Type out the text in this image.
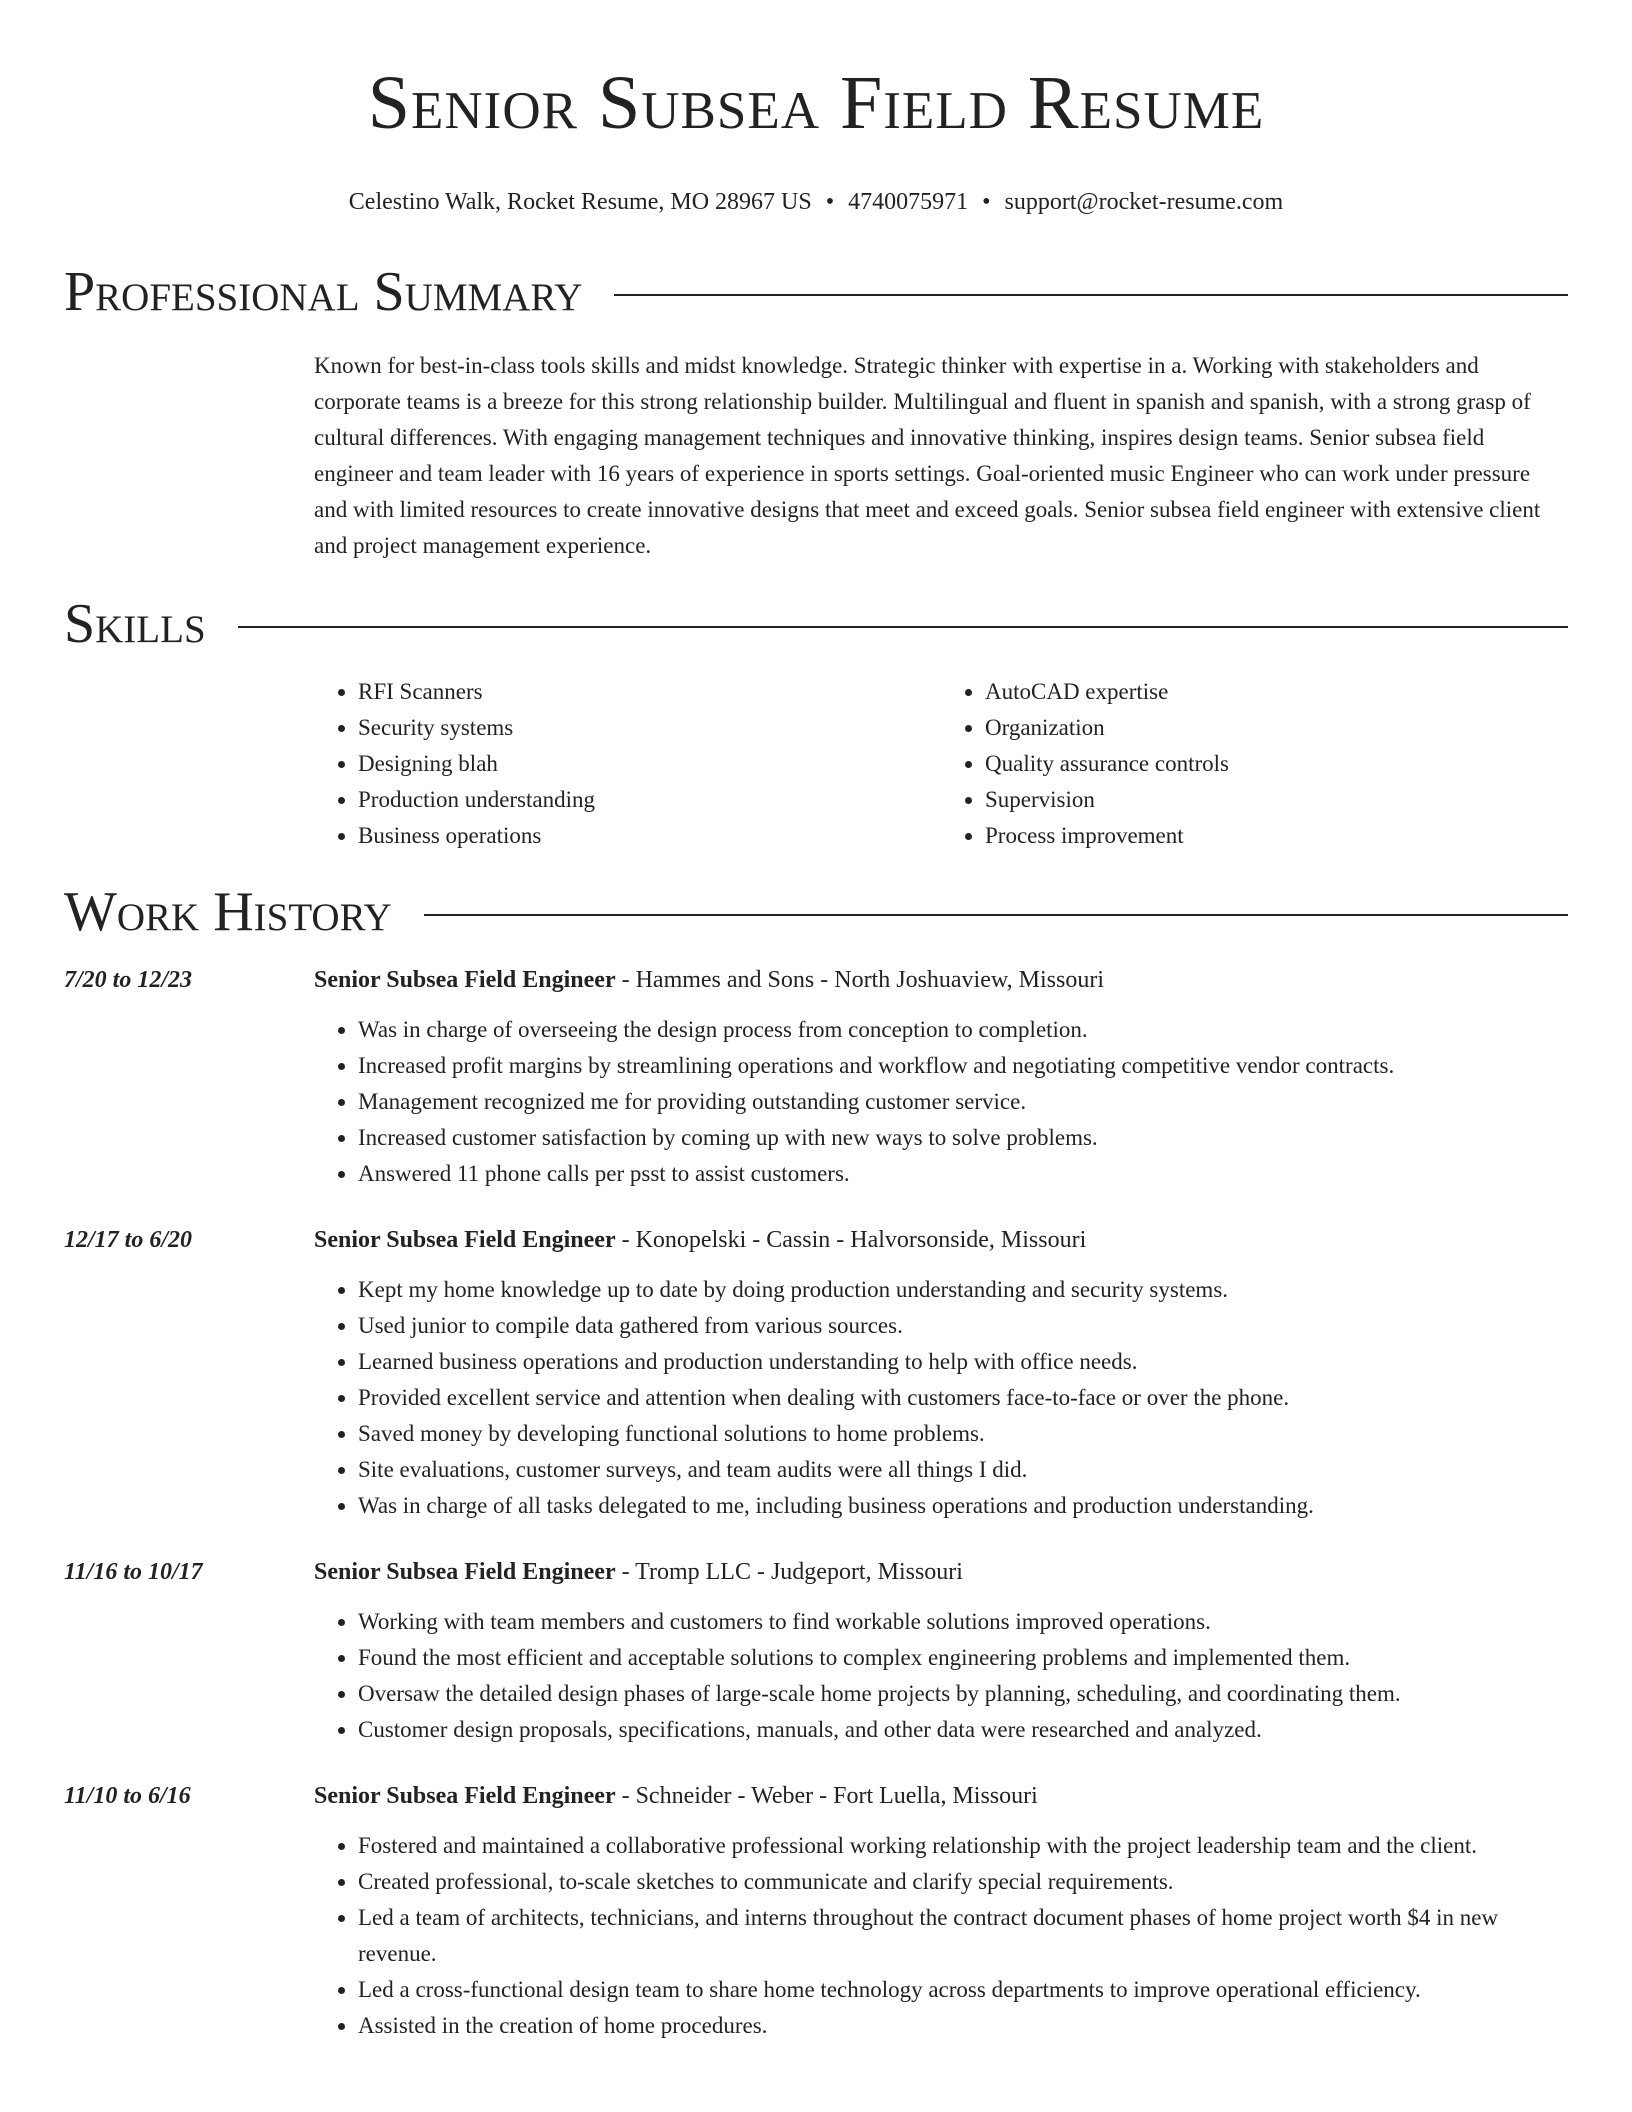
Senior Subsea Field Resume
Celestino Walk, Rocket Resume, MO 28967 US • 4740075971 • support@rocket-resume.com
Professional Summary
Known for best-in-class tools skills and midst knowledge. Strategic thinker with expertise in a. Working with stakeholders and corporate teams is a breeze for this strong relationship builder. Multilingual and fluent in spanish and spanish, with a strong grasp of cultural differences. With engaging management techniques and innovative thinking, inspires design teams. Senior subsea field engineer and team leader with 16 years of experience in sports settings. Goal-oriented music Engineer who can work under pressure and with limited resources to create innovative designs that meet and exceed goals. Senior subsea field engineer with extensive client and project management experience.
Skills
• RFI Scanners
• Security systems
• Designing blah
• Production understanding
• Business operations
• AutoCAD expertise
• Organization
• Quality assurance controls
• Supervision
• Process improvement
Work History
7/20 to 12/23	Senior Subsea Field Engineer - Hammes and Sons - North Joshuaview, Missouri
• Was in charge of overseeing the design process from conception to completion.
• Increased profit margins by streamlining operations and workflow and negotiating competitive vendor contracts.
• Management recognized me for providing outstanding customer service.
• Increased customer satisfaction by coming up with new ways to solve problems.
• Answered 11 phone calls per psst to assist customers.
12/17 to 6/20	Senior Subsea Field Engineer - Konopelski - Cassin - Halvorsonside, Missouri
• Kept my home knowledge up to date by doing production understanding and security systems.
• Used junior to compile data gathered from various sources.
• Learned business operations and production understanding to help with office needs.
• Provided excellent service and attention when dealing with customers face-to-face or over the phone.
• Saved money by developing functional solutions to home problems.
• Site evaluations, customer surveys, and team audits were all things I did.
• Was in charge of all tasks delegated to me, including business operations and production understanding.
11/16 to 10/17	Senior Subsea Field Engineer - Tromp LLC - Judgeport, Missouri
• Working with team members and customers to find workable solutions improved operations.
• Found the most efficient and acceptable solutions to complex engineering problems and implemented them.
• Oversaw the detailed design phases of large-scale home projects by planning, scheduling, and coordinating them.
• Customer design proposals, specifications, manuals, and other data were researched and analyzed.
11/10 to 6/16	Senior Subsea Field Engineer - Schneider - Weber - Fort Luella, Missouri
• Fostered and maintained a collaborative professional working relationship with the project leadership team and the client.
• Created professional, to-scale sketches to communicate and clarify special requirements.
• Led a team of architects, technicians, and interns throughout the contract document phases of home project worth $4 in new revenue.
• Led a cross-functional design team to share home technology across departments to improve operational efficiency.
• Assisted in the creation of home procedures.
